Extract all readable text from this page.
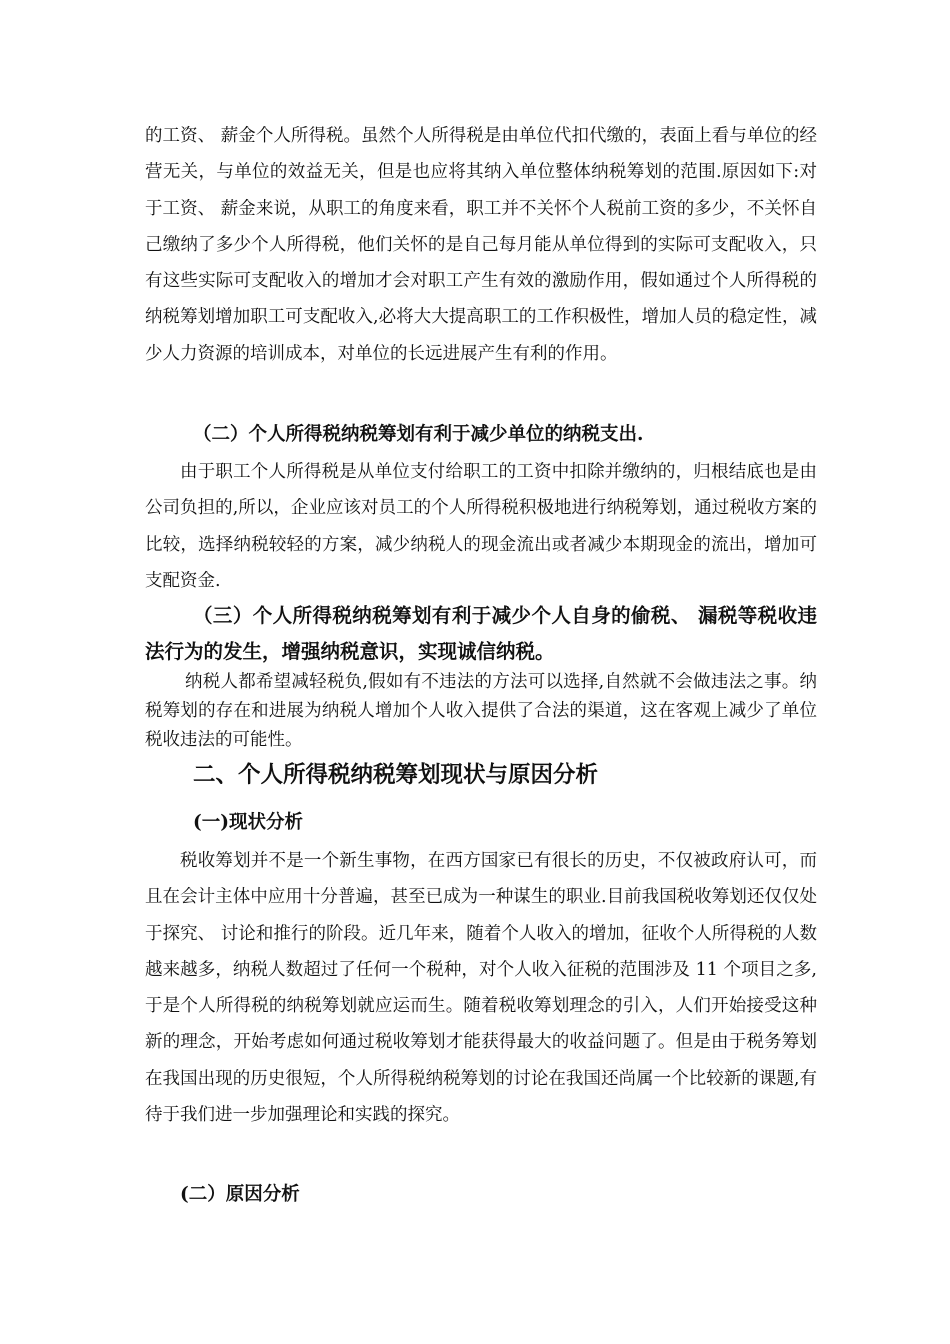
的工资、 薪金个人所得税。虽然个人所得税是由单位代扣代缴的，表面上看与单位的经营无关，与单位的效益无关，但是也应将其纳入单位整体纳税筹划的范围.原因如下:对于工资、 薪金来说，从职工的角度来看，职工并不关怀个人税前工资的多少，不关怀自己缴纳了多少个人所得税，他们关怀的是自己每月能从单位得到的实际可支配收入，只有这些实际可支配收入的增加才会对职工产生有效的激励作用，假如通过个人所得税的纳税筹划增加职工可支配收入,必将大大提高职工的工作积极性，增加人员的稳定性，减少人力资源的培训成本，对单位的长远进展产生有利的作用。

（二）个人所得税纳税筹划有利于减少单位的纳税支出.

由于职工个人所得税是从单位支付给职工的工资中扣除并缴纳的，归根结底也是由公司负担的,所以，企业应该对员工的个人所得税积极地进行纳税筹划，通过税收方案的比较，选择纳税较轻的方案，减少纳税人的现金流出或者减少本期现金的流出，增加可支配资金.

（三）个人所得税纳税筹划有利于减少个人自身的偷税、 漏税等税收违法行为的发生，增强纳税意识，实现诚信纳税。

纳税人都希望减轻税负,假如有不违法的方法可以选择,自然就不会做违法之事。纳税筹划的存在和进展为纳税人增加个人收入提供了合法的渠道，这在客观上减少了单位税收违法的可能性。

二、个人所得税纳税筹划现状与原因分析
(一)现状分析

税收筹划并不是一个新生事物，在西方国家已有很长的历史，不仅被政府认可，而且在会计主体中应用十分普遍，甚至已成为一种谋生的职业.目前我国税收筹划还仅仅处于探究、 讨论和推行的阶段。近几年来，随着个人收入的增加，征收个人所得税的人数越来越多，纳税人数超过了任何一个税种，对个人收入征税的范围涉及 11 个项目之多,于是个人所得税的纳税筹划就应运而生。随着税收筹划理念的引入，人们开始接受这种新的理念，开始考虑如何通过税收筹划才能获得最大的收益问题了。但是由于税务筹划在我国出现的历史很短，个人所得税纳税筹划的讨论在我国还尚属一个比较新的课题,有待于我们进一步加强理论和实践的探究。

(二）原因分析
